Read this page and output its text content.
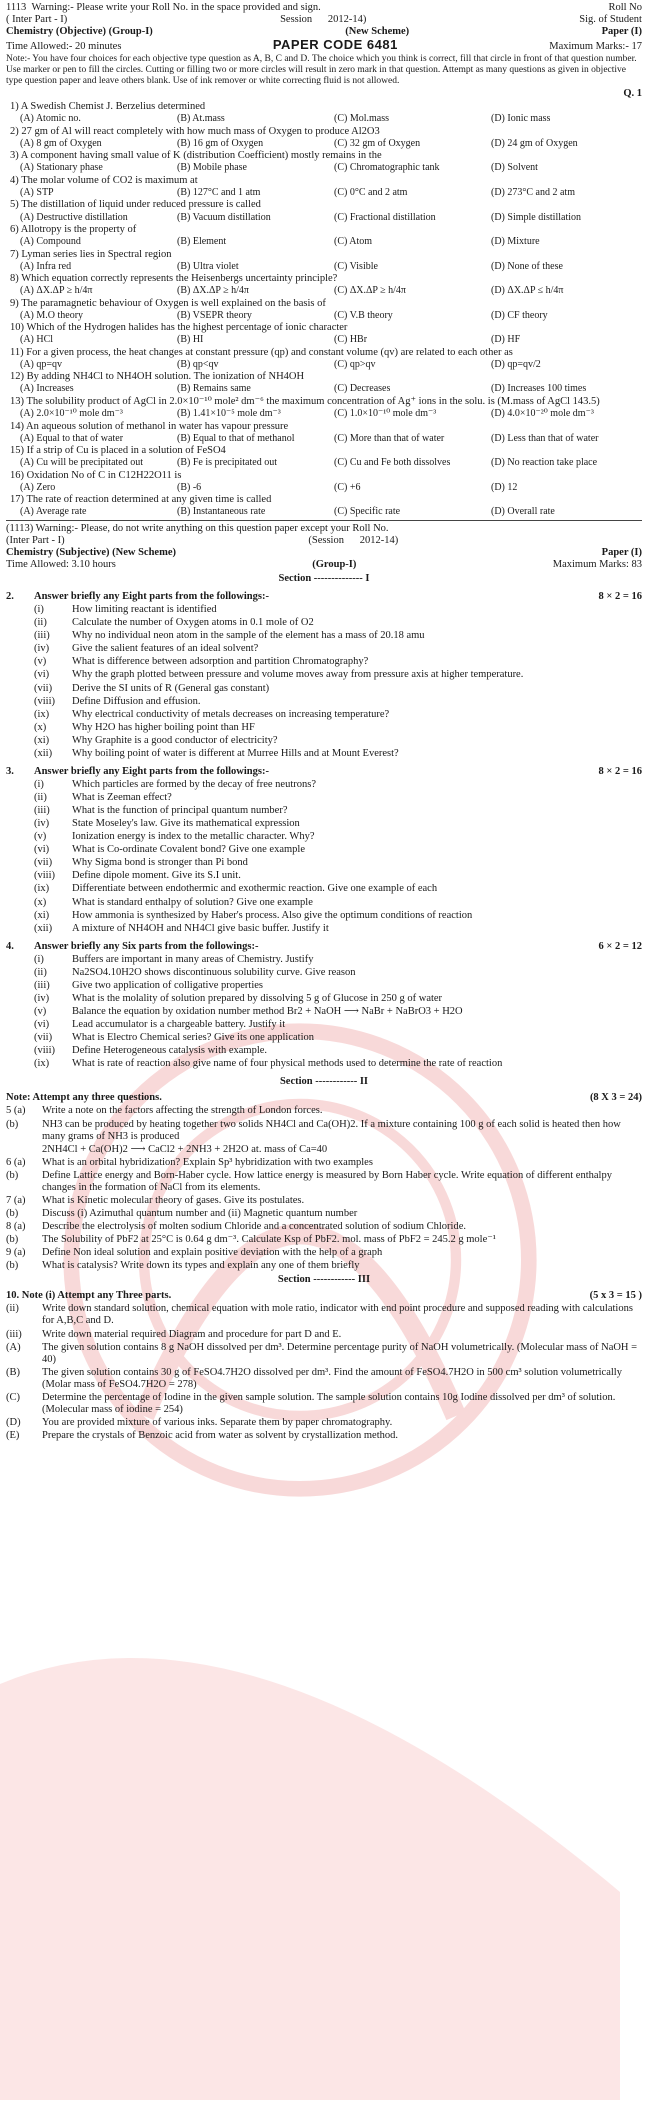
1113 Warning:- Please write your Roll No. in the space provided and sign.	Roll No
( Inter Part - I)	Session 2012-14)	Sig. of Student
Chemistry (Objective) (Group-I)	(New Scheme)	Paper (I)
Time Allowed:- 20 minutes	PAPER CODE 6481	Maximum Marks:- 17
Note:- You have four choices for each objective type question as A, B, C and D. The choice which you think is correct, fill that circle in front of that question number. Use marker or pen to fill the circles. Cutting or filling two or more circles will result in zero mark in that question. Attempt as many questions as given in objective type question paper and leave others blank. Use of ink remover or white correcting fluid is not allowed.
Q. 1
1) A Swedish Chemist J. Berzelius determined
(A) Atomic no.	(B) At.mass	(C) Mol.mass	(D) Ionic mass
2) 27 gm of Al will react completely with how much mass of Oxygen to produce Al2O3
(A) 8 gm of Oxygen	(B) 16 gm of Oxygen	(C) 32 gm of Oxygen	(D) 24 gm of Oxygen
3) A component having small value of K (distribution Coefficient) mostly remains in the
(A) Stationary phase	(B) Mobile phase	(C) Chromatographic tank	(D) Solvent
4) The molar volume of CO2 is maximum at
(A) STP	(B) 127°C and 1 atm	(C) 0°C and 2 atm	(D) 273°C and 2 atm
5) The distillation of liquid under reduced pressure is called
(A) Destructive distillation	(B) Vacuum distillation	(C) Fractional distillation	(D) Simple distillation
6) Allotropy is the property of
(A) Compound	(B) Element	(C) Atom	(D) Mixture
7) Lyman series lies in Spectral region
(A) Infra red	(B) Ultra violet	(C) Visible	(D) None of these
8) Which equation correctly represents the Heisenbergs uncertainty principle?
(A) ΔX.ΔP ≥ h/4π	(B) ΔX.ΔP ≥ h/4π	(C) ΔX.ΔP ≥ h/4π	(D) ΔX.ΔP ≤ h/4π
9) The paramagnetic behaviour of Oxygen is well explained on the basis of
(A) M.O theory	(B) VSEPR theory	(C) V.B theory	(D) CF theory
10) Which of the Hydrogen halides has the highest percentage of ionic character
(A) HCl	(B) HI	(C) HBr	(D) HF
11) For a given process, the heat changes at constant pressure (qp) and constant volume (qv) are related to each other as
(A) qp=qv	(B) qp<qv	(C) qp>qv	(D) qp=qv/2
12) By adding NH4Cl to NH4OH solution. The ionization of NH4OH
(A) Increases	(B) Remains same	(C) Decreases	(D) Increases 100 times
13) The solubility product of AgCl in 2.0×10⁻¹⁰ mole² dm⁻⁶ the maximum concentration of Ag⁺ ions in the solu. is (M.mass of AgCl 143.5)
(A) 2.0×10⁻¹⁰ mole dm⁻³	(B) 1.41×10⁻⁵ mole dm⁻³	(C) 1.0×10⁻¹⁰ mole dm⁻³	(D) 4.0×10⁻²⁰ mole dm⁻³
14) An aqueous solution of methanol in water has vapour pressure
(A) Equal to that of water	(B) Equal to that of methanol	(C) More than that of water	(D) Less than that of water
15) If a strip of Cu is placed in a solution of FeSO4
(A) Cu will be precipitated out	(B) Fe is precipitated out	(C) Cu and Fe both dissolves	(D) No reaction take place
16) Oxidation No of C in C12H22O11 is
(A) Zero	(B) -6	(C) +6	(D) 12
17) The rate of reaction determined at any given time is called
(A) Average rate	(B) Instantaneous rate	(C) Specific rate	(D) Overall rate
(1113) Warning:- Please, do not write anything on this question paper except your Roll No.
(Inter Part - I)	(Session 2012-14)
Chemistry (Subjective) (New Scheme)	Paper (I)
Time Allowed: 3.10 hours	(Group-I)	Maximum Marks: 83
Section -------------- I
2. Answer briefly any Eight parts from the followings:-	8 × 2 = 16
(i)	How limiting reactant is identified
(ii)	Calculate the number of Oxygen atoms in 0.1 mole of O2
(iii)	Why no individual neon atom in the sample of the element has a mass of 20.18 amu
(iv)	Give the salient features of an ideal solvent?
(v)	What is difference between adsorption and partition Chromatography?
(vi)	Why the graph plotted between pressure and volume moves away from pressure axis at higher temperature.
(vii)	Derive the SI units of R (General gas constant)
(viii)	Define Diffusion and effusion.
(ix)	Why electrical conductivity of metals decreases on increasing temperature?
(x)	Why H2O has higher boiling point than HF
(xi)	Why Graphite is a good conductor of electricity?
(xii)	Why boiling point of water is different at Murree Hills and at Mount Everest?
3. Answer briefly any Eight parts from the followings:-	8 × 2 = 16
(i)	Which particles are formed by the decay of free neutrons?
(ii)	What is Zeeman effect?
(iii)	What is the function of principal quantum number?
(iv)	State Moseley's law. Give its mathematical expression
(v)	Ionization energy is index to the metallic character. Why?
(vi)	What is Co-ordinate Covalent bond? Give one example
(vii)	Why Sigma bond is stronger than Pi bond
(viii)	Define dipole moment. Give its S.I unit.
(ix)	Differentiate between endothermic and exothermic reaction. Give one example of each
(x)	What is standard enthalpy of solution? Give one example
(xi)	How ammonia is synthesized by Haber's process. Also give the optimum conditions of reaction
(xii)	A mixture of NH4OH and NH4Cl give basic buffer. Justify it
4. Answer briefly any Six parts from the followings:-	6 × 2 = 12
(i)	Buffers are important in many areas of Chemistry. Justify
(ii)	Na2SO4.10H2O shows discontinuous solubility curve. Give reason
(iii)	Give two application of colligative properties
(iv)	What is the molality of solution prepared by dissolving 5 g of Glucose in 250 g of water
(v)	Balance the equation by oxidation number method Br2 + NaOH ⟶ NaBr + NaBrO3 + H2O
(vi)	Lead accumulator is a chargeable battery. Justify it
(vii)	What is Electro Chemical series? Give its one application
(viii)	Define Heterogeneous catalysis with example.
(ix)	What is rate of reaction also give name of four physical methods used to determine the rate of reaction
Section ------------ II
Note: Attempt any three questions.	(8 X 3 = 24)
5 (a)	Write a note on the factors affecting the strength of London forces.
(b)	NH3 can be produced by heating together two solids NH4Cl and Ca(OH)2. If a mixture containing 100 g of each solid is heated then how many grams of NH3 is produced
2NH4Cl + Ca(OH)2 ⟶ CaCl2 + 2NH3 + 2H2O at. mass of Ca=40
6 (a)	What is an orbital hybridization? Explain Sp³ hybridization with two examples
(b)	Define Lattice energy and Born-Haber cycle. How lattice energy is measured by Born Haber cycle. Write equation of different enthalpy changes in the formation of NaCl from its elements.
7 (a)	What is Kinetic molecular theory of gases. Give its postulates.
(b)	Discuss (i) Azimuthal quantum number and (ii) Magnetic quantum number
8 (a)	Describe the electrolysis of molten sodium Chloride and a concentrated solution of sodium Chloride.
(b)	The Solubility of PbF2 at 25°C is 0.64 g dm⁻³. Calculate Ksp of PbF2. mol. mass of PbF2 = 245.2 g mole⁻¹
9 (a)	Define Non ideal solution and explain positive deviation with the help of a graph
(b)	What is catalysis? Write down its types and explain any one of them briefly
Section ------------ III
10. Note (i) Attempt any Three parts.	(5 x 3 = 15 )
(ii)	Write down standard solution, chemical equation with mole ratio, indicator with end point procedure and supposed reading with calculations for A,B,C and D.
(iii)	Write down material required Diagram and procedure for part D and E.
(A)	The given solution contains 8 g NaOH dissolved per dm³. Determine percentage purity of NaOH volumetrically. (Molecular mass of NaOH = 40)
(B)	The given solution contains 30 g of FeSO4.7H2O dissolved per dm³. Find the amount of FeSO4.7H2O in 500 cm³ solution volumetrically (Molar mass of FeSO4.7H2O = 278)
(C)	Determine the percentage of Iodine in the given sample solution. The sample solution contains 10g Iodine dissolved per dm³ of solution. (Molecular mass of iodine = 254)
(D)	You are provided mixture of various inks. Separate them by paper chromatography.
(E)	Prepare the crystals of Benzoic acid from water as solvent by crystallization method.
